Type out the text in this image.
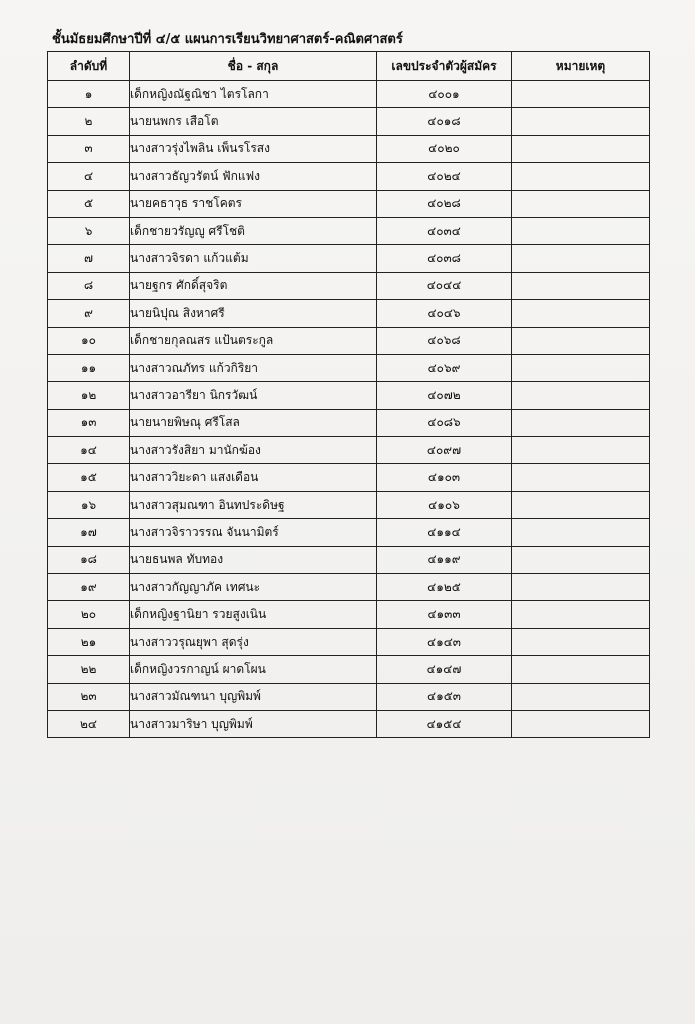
ชั้นมัธยมศึกษาปีที่ ๔/๕ แผนการเรียนวิทยาศาสตร์-คณิตศาสตร์
ลำดับที่	ชื่อ - สกุล	เลขประจำตัวผู้สมัคร	หมายเหตุ
๑	เด็กหญิงณัฐณิชา ไตรโลกา	๔๐๐๑	
๒	นายนพกร เสือโต	๔๐๑๘	
๓	นางสาวรุ่งไพลิน เพ็นรโรสง	๔๐๒๐	
๔	นางสาวธัญวรัตน์ ฟักแฟง	๔๐๒๔	
๕	นายคธาวุธ ราชโคตร	๔๐๒๘	
๖	เด็กชายวรัญญู ศรีโชติ	๔๐๓๔	
๗	นางสาวจิรดา แก้วแต้ม	๔๐๓๘	
๘	นายฐกร ศักดิ์สุจริต	๔๐๔๔	
๙	นายนิปุณ สิงหาศรี	๔๐๔๖	
๑๐	เด็กชายกุลณสร แป้นตระกูล	๔๐๖๘	
๑๑	นางสาวณภัทร แก้วกิริยา	๔๐๖๙	
๑๒	นางสาวอารียา นิกรวัฒน์	๔๐๗๒	
๑๓	นายนายพิษณุ ศรีโสล	๔๐๘๖	
๑๔	นางสาวรังสิยา มานักฆ้อง	๔๐๙๗	
๑๕	นางสาววิยะดา แสงเดือน	๔๑๐๓	
๑๖	นางสาวสุมณฑา อินทประดิษฐ	๔๑๐๖	
๑๗	นางสาวจิราวรรณ จันนามิตร์	๔๑๑๔	
๑๘	นายธนพล ทับทอง	๔๑๑๙	
๑๙	นางสาวกัญญาภัค เทศนะ	๔๑๒๕	
๒๐	เด็กหญิงฐานิยา รวยสูงเนิน	๔๑๓๓	
๒๑	นางสาววรุณยุพา สุดรุ่ง	๔๑๔๓	
๒๒	เด็กหญิงวรกาญน์ ผาดโผน	๔๑๔๗	
๒๓	นางสาวมัณฑนา บุญพิมพ์	๔๑๕๓	
๒๔	นางสาวมาริษา บุญพิมพ์	๔๑๕๔	
